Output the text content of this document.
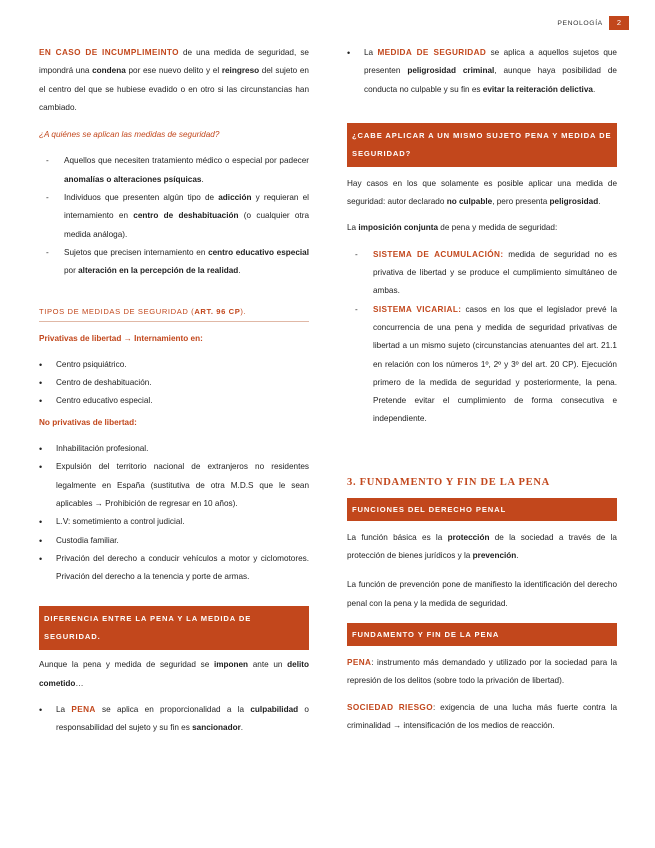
PENOLOGÍA	2

EN CASO DE INCUMPLIMEINTO de una medida de seguridad, se impondrá una condena por ese nuevo delito y el reingreso del sujeto en el centro del que se hubiese evadido o en otro si las circunstancias han cambiado.

¿A quiénes se aplican las medidas de seguridad?

- Aquellos que necesiten tratamiento médico o especial por padecer anomalías o alteraciones psíquicas.
- Individuos que presenten algún tipo de adicción y requieran el internamiento en centro de deshabituación (o cualquier otra medida análoga).
- Sujetos que precisen internamiento en centro educativo especial por alteración en la percepción de la realidad.
TIPOS DE MEDIDAS DE SEGURIDAD (ART. 96 CP).

Privativas de libertad → Internamiento en:

• Centro psiquiátrico.
• Centro de deshabituación.
• Centro educativo especial.

No privativas de libertad:

• Inhabilitación profesional.
• Expulsión del territorio nacional de extranjeros no residentes legalmente en España (sustitutiva de otra M.D.S que le sean aplicables → Prohibición de regresar en 10 años).
• L.V: sometimiento a control judicial.
• Custodia familiar.
• Privación del derecho a conducir vehículos a motor y ciclomotores. Privación del derecho a la tenencia y porte de armas.
DIFERENCIA ENTRE LA PENA Y LA MEDIDA DE SEGURIDAD.

Aunque la pena y medida de seguridad se imponen ante un delito cometido…

• La PENA se aplica en proporcionalidad a la culpabilidad o responsabilidad del sujeto y su fin es sancionador.
• La MEDIDA DE SEGURIDAD se aplica a aquellos sujetos que presenten peligrosidad criminal, aunque haya posibilidad de conducta no culpable y su fin es evitar la reiteración delictiva.
¿CABE APLICAR A UN MISMO SUJETO PENA Y MEDIDA DE SEGURIDAD?

Hay casos en los que solamente es posible aplicar una medida de seguridad: autor declarado no culpable, pero presenta peligrosidad.

La imposición conjunta de pena y medida de seguridad:

- SISTEMA DE ACUMULACIÓN: medida de seguridad no es privativa de libertad y se produce el cumplimiento simultáneo de ambas.
- SISTEMA VICARIAL: casos en los que el legislador prevé la concurrencia de una pena y medida de seguridad privativas de libertad a un mismo sujeto (circunstancias atenuantes del art. 21.1 en relación con los números 1º, 2º y 3º del art. 20 CP). Ejecución primero de la medida de seguridad y posteriormente, la pena. Pretende evitar el cumplimiento de forma consecutiva e independiente.
3. FUNDAMENTO Y FIN DE LA PENA
FUNCIONES DEL DERECHO PENAL

La función básica es la protección de la sociedad a través de la protección de bienes jurídicos y la prevención.

La función de prevención pone de manifiesto la identificación del derecho penal con la pena y la medida de seguridad.

FUNDAMENTO Y FIN DE LA PENA

PENA: instrumento más demandado y utilizado por la sociedad para la represión de los delitos (sobre todo la privación de libertad).

SOCIEDAD RIESGO: exigencia de una lucha más fuerte contra la criminalidad → intensificación de los medios de reacción.
